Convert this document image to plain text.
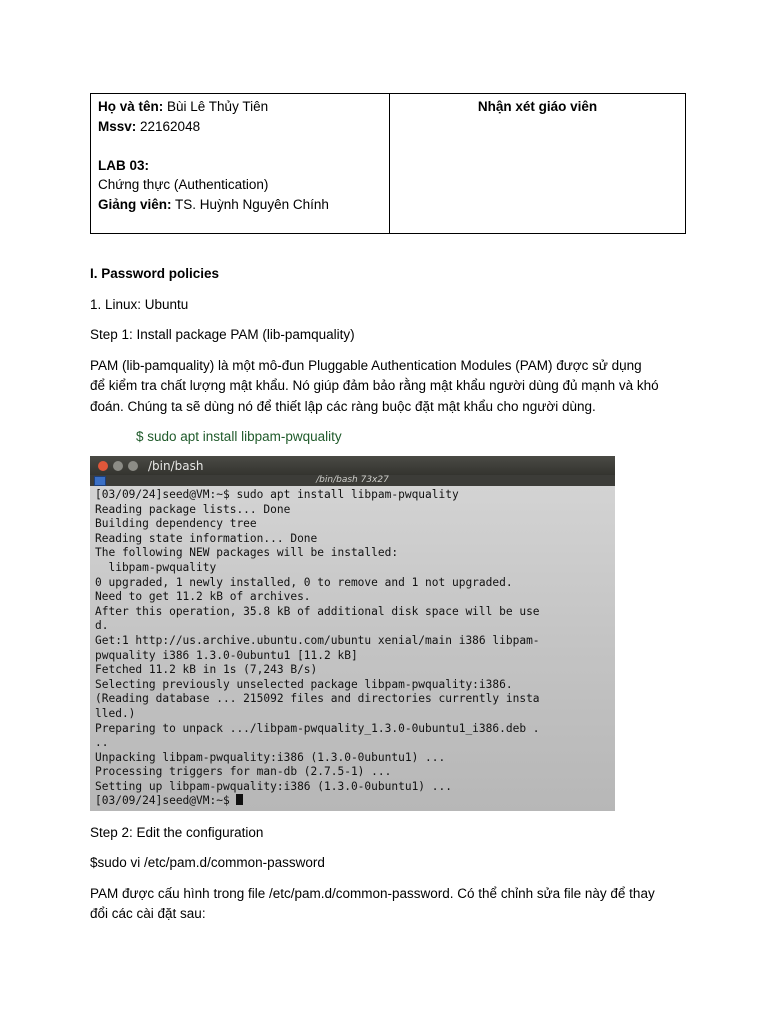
Họ và tên: Bùi Lê Thủy Tiên
Mssv: 22162048
LAB 03:
Chứng thực (Authentication)
Giảng viên: TS. Huỳnh Nguyên Chính

Nhận xét giáo viên
I. Password policies
1. Linux: Ubuntu
Step 1: Install package PAM (lib-pamquality)
PAM (lib-pamquality) là một mô-đun Pluggable Authentication Modules (PAM) được sử dụng
để kiểm tra chất lượng mật khẩu. Nó giúp đảm bảo rằng mật khẩu người dùng đủ mạnh và khó
đoán. Chúng ta sẽ dùng nó để thiết lập các ràng buộc đặt mật khẩu cho người dùng.
$ sudo apt install libpam-pwquality
/bin/bash
/bin/bash 73x27
[03/09/24]seed@VM:~$ sudo apt install libpam-pwquality
Reading package lists... Done
Building dependency tree
Reading state information... Done
The following NEW packages will be installed:
libpam-pwquality
0 upgraded, 1 newly installed, 0 to remove and 1 not upgraded.
Need to get 11.2 kB of archives.
After this operation, 35.8 kB of additional disk space will be use
d.
Get:1 http://us.archive.ubuntu.com/ubuntu xenial/main i386 libpam-
pwquality i386 1.3.0-0ubuntu1 [11.2 kB]
Fetched 11.2 kB in 1s (7,243 B/s)
Selecting previously unselected package libpam-pwquality:i386.
(Reading database ... 215092 files and directories currently insta
lled.)
Preparing to unpack .../libpam-pwquality_1.3.0-0ubuntu1_i386.deb .
..
Unpacking libpam-pwquality:i386 (1.3.0-0ubuntu1) ...
Processing triggers for man-db (2.7.5-1) ...
Setting up libpam-pwquality:i386 (1.3.0-0ubuntu1) ...
[03/09/24]seed@VM:~$
Step 2: Edit the configuration
$sudo vi /etc/pam.d/common-password
PAM được cấu hình trong file /etc/pam.d/common-password. Có thể chỉnh sửa file này để thay
đổi các cài đặt sau:
